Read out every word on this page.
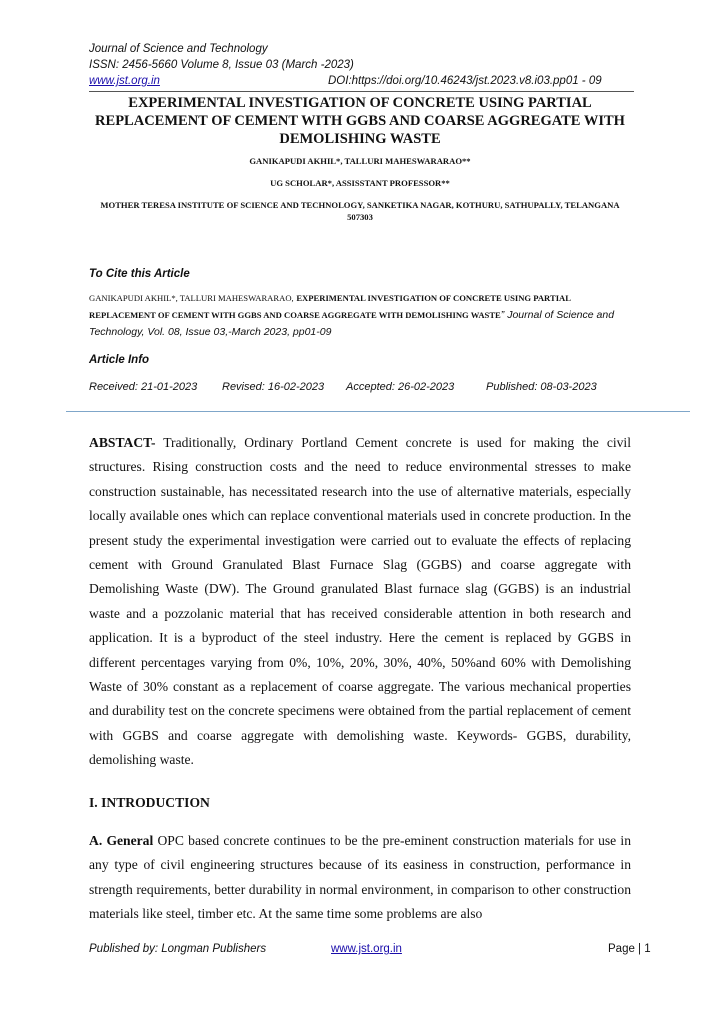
Journal of Science and Technology
ISSN: 2456-5660 Volume 8, Issue 03 (March -2023)
www.jst.org.in	DOI:https://doi.org/10.46243/jst.2023.v8.i03.pp01 - 09
EXPERIMENTAL INVESTIGATION OF CONCRETE USING PARTIAL
REPLACEMENT OF CEMENT WITH GGBS AND COARSE AGGREGATE WITH
DEMOLISHING WASTE
GANIKAPUDI AKHIL*, TALLURI MAHESWARARAO**
UG SCHOLAR*, ASSISSTANT PROFESSOR**
MOTHER TERESA INSTITUTE OF SCIENCE AND TECHNOLOGY, SANKETIKA NAGAR, KOTHURU, SATHUPALLY, TELANGANA 507303
To Cite this Article
GANIKAPUDI AKHIL*, TALLURI MAHESWARARAO, EXPERIMENTAL INVESTIGATION OF CONCRETE USING PARTIAL REPLACEMENT OF CEMENT WITH GGBS AND COARSE AGGREGATE WITH DEMOLISHING WASTE” Journal of Science and Technology, Vol. 08, Issue 03,-March 2023, pp01-09
Article Info
Received: 21-01-2023 Revised: 16-02-2023 Accepted: 26-02-2023	Published: 08-03-2023
ABSTACT- Traditionally, Ordinary Portland Cement concrete is used for making the civil structures. Rising construction costs and the need to reduce environmental stresses to make construction sustainable, has necessitated research into the use of alternative materials, especially locally available ones which can replace conventional materials used in concrete production. In the present study the experimental investigation were carried out to evaluate the effects of replacing cement with Ground Granulated Blast Furnace Slag (GGBS) and coarse aggregate with Demolishing Waste (DW). The Ground granulated Blast furnace slag (GGBS) is an industrial waste and a pozzolanic material that has received considerable attention in both research and application. It is a byproduct of the steel industry. Here the cement is replaced by GGBS in different percentages varying from 0%, 10%, 20%, 30%, 40%, 50%and 60% with Demolishing Waste of 30% constant as a replacement of coarse aggregate. The various mechanical properties and durability test on the concrete specimens were obtained from the partial replacement of cement with GGBS and coarse aggregate with demolishing waste. Keywords- GGBS, durability, demolishing waste.
I. INTRODUCTION
A. General OPC based concrete continues to be the pre-eminent construction materials for use in any type of civil engineering structures because of its easiness in construction, performance in strength requirements, better durability in normal environment, in comparison to other construction materials like steel, timber etc. At the same time some problems are also
Published by: Longman Publishers	www.jst.org.in	Page | 1
